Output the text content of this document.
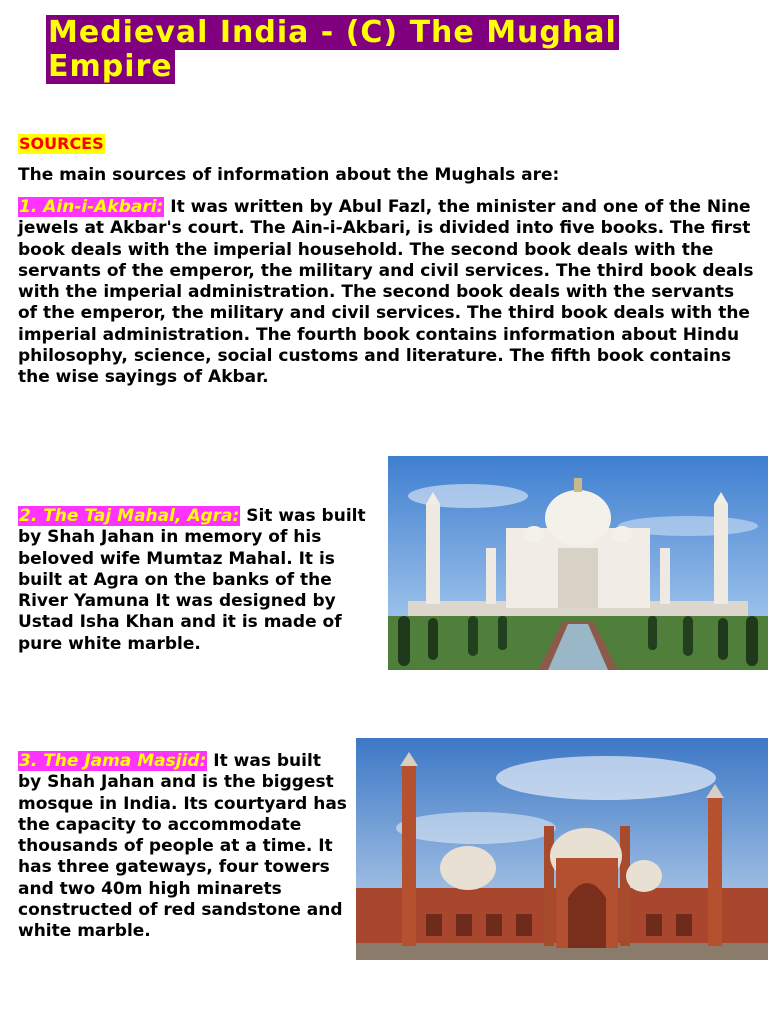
Medieval India - (C) The Mughal Empire
SOURCES

The main sources of information about the Mughals are:

1. Ain-i-Akbari: It was written by Abul Fazl, the minister and one of the Nine jewels at Akbar's court. The Ain-i-Akbari, is divided into five books. The first book deals with the imperial household. The second book deals with the servants of the emperor, the military and civil services. The third book deals with the imperial administration. The second book deals with the servants of the emperor, the military and civil services. The third book deals with the imperial administration. The fourth book contains information about Hindu philosophy, science, social customs and literature. The fifth book contains the wise sayings of Akbar.

2. The Taj Mahal, Agra: Sit was built by Shah Jahan in memory of his beloved wife Mumtaz Mahal. It is built at Agra on the banks of the River Yamuna It was designed by Ustad Isha Khan and it is made of pure white marble.

3. The Jama Masjid: It was built by Shah Jahan and is the biggest mosque in India. Its courtyard has the capacity to accommodate thousands of people at a time. It has three gateways, four towers and two 40m high minarets constructed of red sandstone and white marble.
